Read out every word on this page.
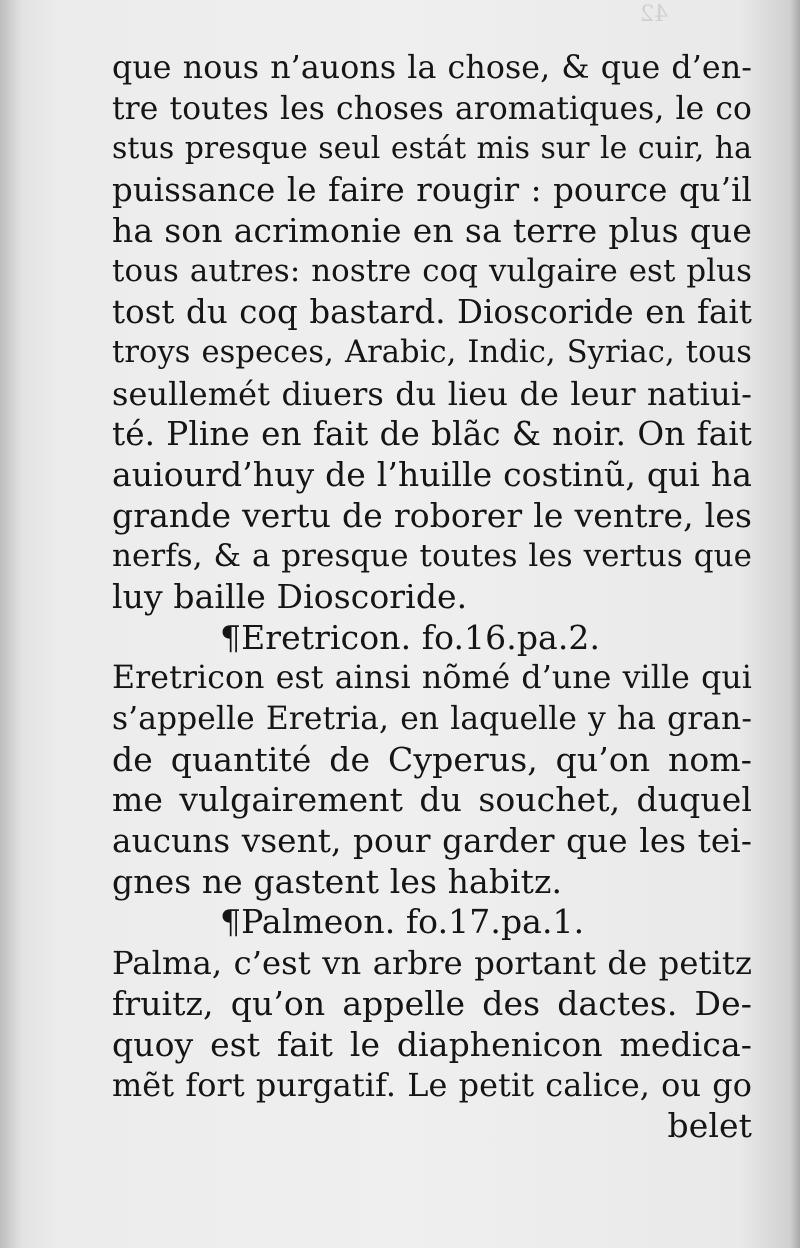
42
que nous n’auons la chose, & que d’en-
tre toutes les choses aromatiques, le co
stus presque seul estát mis sur le cuir, ha
puissance le faire rougir : pource qu’il
ha son acrimonie en sa terre plus que
tous autres: nostre coq vulgaire est plus
tost du coq bastard. Dioscoride en fait
troys especes, Arabic, Indic, Syriac, tous
seullemét diuers du lieu de leur natiui-
té. Pline en fait de blãc & noir. On fait
auiourd’huy de l’huille costinũ, qui ha
grande vertu de roborer le ventre, les
nerfs, & a presque toutes les vertus que
luy baille Dioscoride.
¶Eretricon. fo.16.pa.2.
Eretricon est ainsi nõmé d’une ville qui
s’appelle Eretria, en laquelle y ha gran-
de quantité de Cyperus, qu’on nom-
me vulgairement du souchet, duquel
aucuns vsent, pour garder que les tei-
gnes ne gastent les habitz.
¶Palmeon. fo.17.pa.1.
Palma, c’est vn arbre portant de petitz
fruitz, qu’on appelle des dactes. De-
quoy est fait le diaphenicon medica-
mẽt fort purgatif. Le petit calice, ou go
belet
